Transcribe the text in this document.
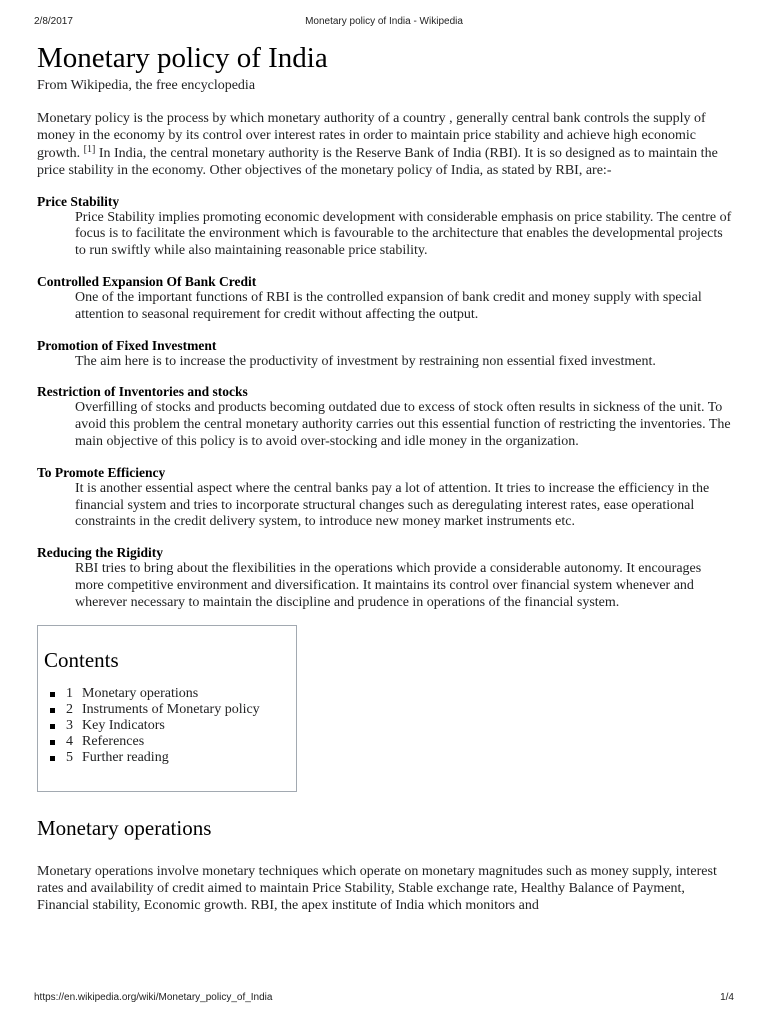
2/8/2017	Monetary policy of India - Wikipedia
Monetary policy of India
From Wikipedia, the free encyclopedia

Monetary policy is the process by which monetary authority of a country , generally central bank controls the supply of money in the economy by its control over interest rates in order to maintain price stability and achieve high economic growth. [1] In India, the central monetary authority is the Reserve Bank of India (RBI). It is so designed as to maintain the price stability in the economy. Other objectives of the monetary policy of India, as stated by RBI, are:-

Price Stability
Price Stability implies promoting economic development with considerable emphasis on price stability. The centre of focus is to facilitate the environment which is favourable to the architecture that enables the developmental projects to run swiftly while also maintaining reasonable price stability.
Controlled Expansion Of Bank Credit
One of the important functions of RBI is the controlled expansion of bank credit and money supply with special attention to seasonal requirement for credit without affecting the output.
Promotion of Fixed Investment
The aim here is to increase the productivity of investment by restraining non essential fixed investment.
Restriction of Inventories and stocks
Overfilling of stocks and products becoming outdated due to excess of stock often results in sickness of the unit. To avoid this problem the central monetary authority carries out this essential function of restricting the inventories. The main objective of this policy is to avoid over-stocking and idle money in the organization.
To Promote Efficiency
It is another essential aspect where the central banks pay a lot of attention. It tries to increase the efficiency in the financial system and tries to incorporate structural changes such as deregulating interest rates, ease operational constraints in the credit delivery system, to introduce new money market instruments etc.
Reducing the Rigidity
RBI tries to bring about the flexibilities in the operations which provide a considerable autonomy. It encourages more competitive environment and diversification. It maintains its control over financial system whenever and wherever necessary to maintain the discipline and prudence in operations of the financial system.
Contents
1 Monetary operations
2 Instruments of Monetary policy
3 Key Indicators
4 References
5 Further reading
Monetary operations

Monetary operations involve monetary techniques which operate on monetary magnitudes such as money supply, interest rates and availability of credit aimed to maintain Price Stability, Stable exchange rate, Healthy Balance of Payment, Financial stability, Economic growth. RBI, the apex institute of India which monitors and

https://en.wikipedia.org/wiki/Monetary_policy_of_India	1/4
